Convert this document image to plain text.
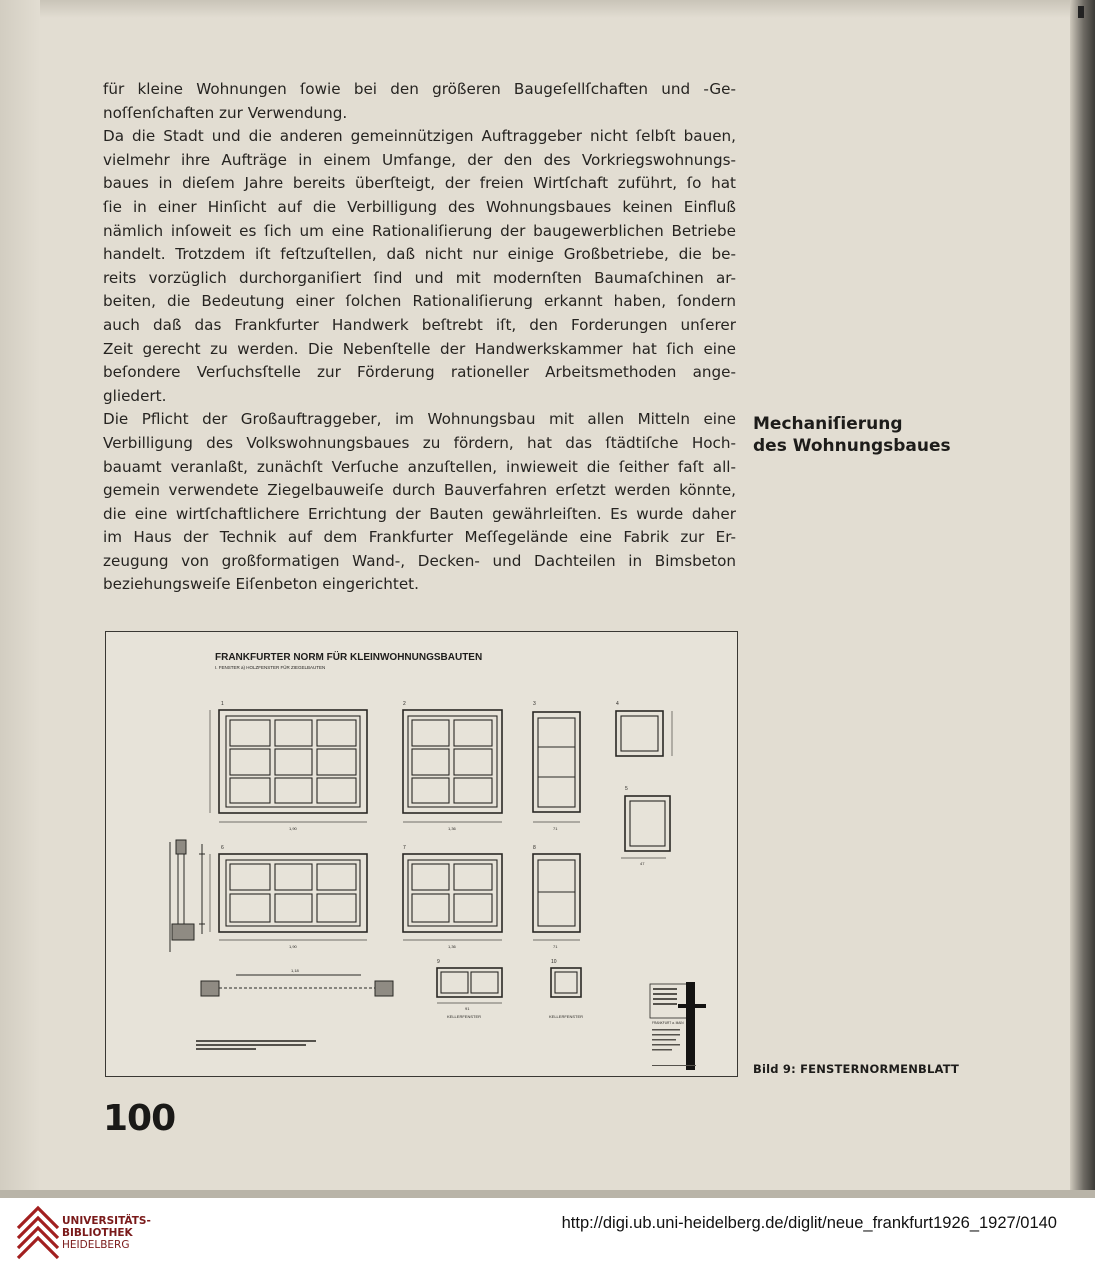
für kleine Wohnungen ſowie bei den größeren Baugeſellſchaften und -Ge-
noſſenſchaften zur Verwendung.
Da die Stadt und die anderen gemeinnützigen Auftraggeber nicht ſelbſt bauen,
vielmehr ihre Aufträge in einem Umfange, der den des Vorkriegswohnungs-
baues in dieſem Jahre bereits überſteigt, der freien Wirtſchaft zuführt, ſo hat
ſie in einer Hinſicht auf die Verbilligung des Wohnungsbaues keinen Einfluß
nämlich inſoweit es ſich um eine Rationaliſierung der baugewerblichen Betriebe
handelt. Trotzdem iſt feſtzuſtellen, daß nicht nur einige Großbetriebe, die be-
reits vorzüglich durchorganiſiert ſind und mit modernſten Baumaſchinen ar-
beiten, die Bedeutung einer ſolchen Rationaliſierung erkannt haben, ſondern
auch daß das Frankfurter Handwerk beſtrebt iſt, den Forderungen unſerer
Zeit gerecht zu werden. Die Nebenſtelle der Handwerkskammer hat ſich eine
beſondere Verſuchsſtelle zur Förderung rationeller Arbeitsmethoden ange-
gliedert.
Die Pflicht der Großauftraggeber, im Wohnungsbau mit allen Mitteln eine
Verbilligung des Volkswohnungsbaues zu fördern, hat das ſtädtiſche Hoch-
bauamt veranlaßt, zunächſt Verſuche anzuſtellen, inwieweit die ſeither faſt all-
gemein verwendete Ziegelbauweiſe durch Bauverfahren erſetzt werden könnte,
die eine wirtſchaftlichere Errichtung der Bauten gewährleiſten. Es wurde daher
im Haus der Technik auf dem Frankfurter Meſſegelände eine Fabrik zur Er-
zeugung von großformatigen Wand-, Decken- und Dachteilen in Bimsbeton
beziehungsweiſe Eiſenbeton eingerichtet.

Mechaniſierung
des Wohnungsbaues
FRANKFURTER NORM FÜR KLEINWOHNUNGSBAUTEN
I. FENSTER a) HOLZFENSTER FÜR ZIEGELBAUTEN
1	2	3	4
5
6	7	8
9	10
1,90	1,36	71
1,90	1,36	71
1,18
91
47
KELLERFENSTER	KELLERFENSTER
FRANKFURT a. MAIN
Bild 9: FENSTERNORMENBLATT
100
UNIVERSITÄTS-
BIBLIOTHEK
HEIDELBERG
http://digi.ub.uni-heidelberg.de/diglit/neue_frankfurt1926_1927/0140
